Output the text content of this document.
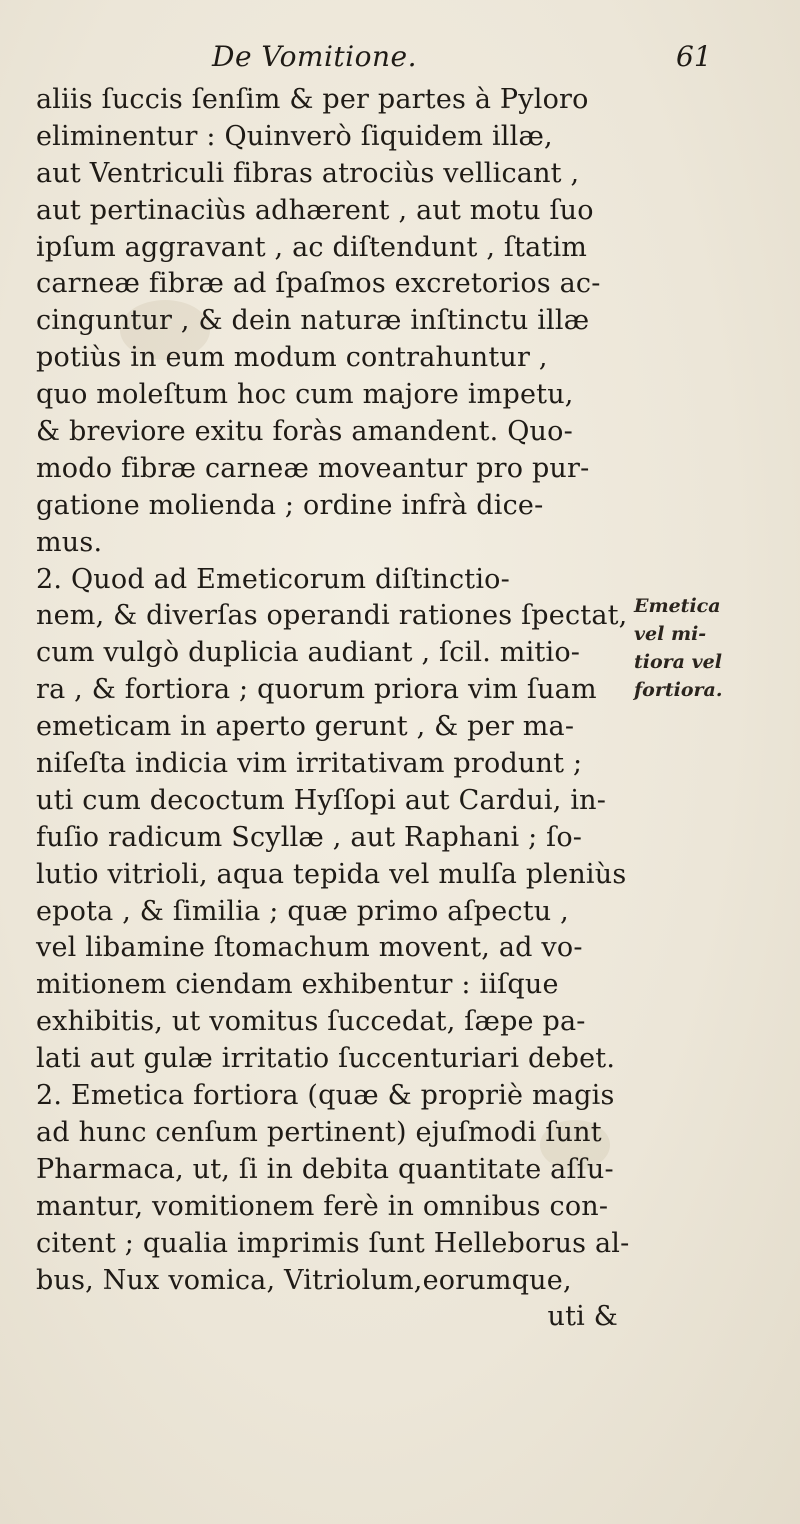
De Vomitione.	61
aliis ſuccis ſenſim & per partes à Pyloro
eliminentur : Quinverò ſiquidem illæ,
aut Ventriculi fibras atrociùs vellicant ,
aut pertinaciùs adhærent , aut motu ſuo
ipſum aggravant , ac diſtendunt , ſtatim
carneæ fibræ ad ſpaſmos excretorios ac-
cinguntur , & dein naturæ inſtinctu illæ
potiùs in eum modum contrahuntur ,
quo moleſtum hoc cum majore impetu,
& breviore exitu foràs amandent. Quo-
modo fibræ carneæ moveantur pro pur-
gatione molienda ; ordine infrà dice-
mus.
2. Quod ad Emeticorum diſtinctio-
nem, & diverſas operandi rationes ſpectat,
cum vulgò duplicia audiant , ſcil. mitio-
ra , & fortiora ; quorum priora vim ſuam
emeticam in aperto gerunt , & per ma-
niſeſta indicia vim irritativam produnt ;
uti cum decoctum Hyſſopi aut Cardui, in-
fuſio radicum Scyllæ , aut Raphani ; ſo-
lutio vitrioli, aqua tepida vel mulſa pleniùs
epota , & ſimilia ; quæ primo aſpectu ,
vel libamine ſtomachum movent, ad vo-
mitionem ciendam exhibentur : iiſque
exhibitis, ut vomitus ſuccedat, ſæpe pa-
lati aut gulæ irritatio ſuccenturiari debet.
2. Emetica fortiora (quæ & propriè magis
ad hunc cenſum pertinent) ejuſmodi ſunt
Pharmaca, ut, ſi in debita quantitate aſſu-
mantur, vomitionem ferè in omnibus con-
citent ; qualia imprimis ſunt Helleborus al-
bus, Nux vomica, Vitriolum,eorumque,
uti &
Emetica
vel mi-
tiora vel
fortiora.
